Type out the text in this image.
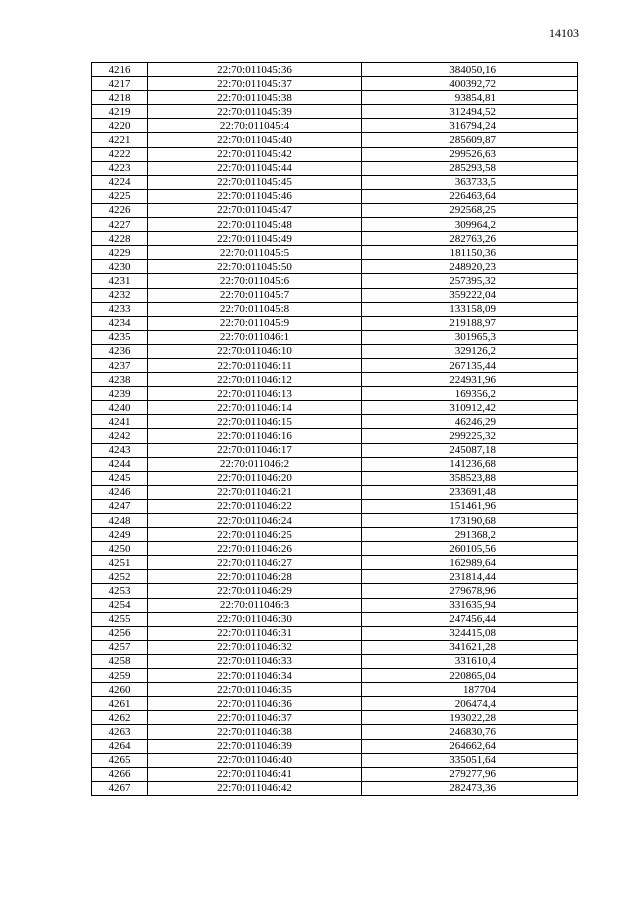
14103
4216	22:70:011045:36	384050,16
4217	22:70:011045:37	400392,72
4218	22:70:011045:38	93854,81
4219	22:70:011045:39	312494,52
4220	22:70:011045:4	316794,24
4221	22:70:011045:40	285609,87
4222	22:70:011045:42	299526,63
4223	22:70:011045:44	285293,58
4224	22:70:011045:45	363733,5
4225	22:70:011045:46	226463,64
4226	22:70:011045:47	292568,25
4227	22:70:011045:48	309964,2
4228	22:70:011045:49	282763,26
4229	22:70:011045:5	181150,36
4230	22:70:011045:50	248920,23
4231	22:70:011045:6	257395,32
4232	22:70:011045:7	359222,04
4233	22:70:011045:8	133158,09
4234	22:70:011045:9	219188,97
4235	22:70:011046:1	301965,3
4236	22:70:011046:10	329126,2
4237	22:70:011046:11	267135,44
4238	22:70:011046:12	224931,96
4239	22:70:011046:13	169356,2
4240	22:70:011046:14	310912,42
4241	22:70:011046:15	46246,29
4242	22:70:011046:16	299225,32
4243	22:70:011046:17	245087,18
4244	22:70:011046:2	141236,68
4245	22:70:011046:20	358523,88
4246	22:70:011046:21	233691,48
4247	22:70:011046:22	151461,96
4248	22:70:011046:24	173190,68
4249	22:70:011046:25	291368,2
4250	22:70:011046:26	260105,56
4251	22:70:011046:27	162989,64
4252	22:70:011046:28	231814,44
4253	22:70:011046:29	279678,96
4254	22:70:011046:3	331635,94
4255	22:70:011046:30	247456,44
4256	22:70:011046:31	324415,08
4257	22:70:011046:32	341621,28
4258	22:70:011046:33	331610,4
4259	22:70:011046:34	220865,04
4260	22:70:011046:35	187704
4261	22:70:011046:36	206474,4
4262	22:70:011046:37	193022,28
4263	22:70:011046:38	246830,76
4264	22:70:011046:39	264662,64
4265	22:70:011046:40	335051,64
4266	22:70:011046:41	279277,96
4267	22:70:011046:42	282473,36
